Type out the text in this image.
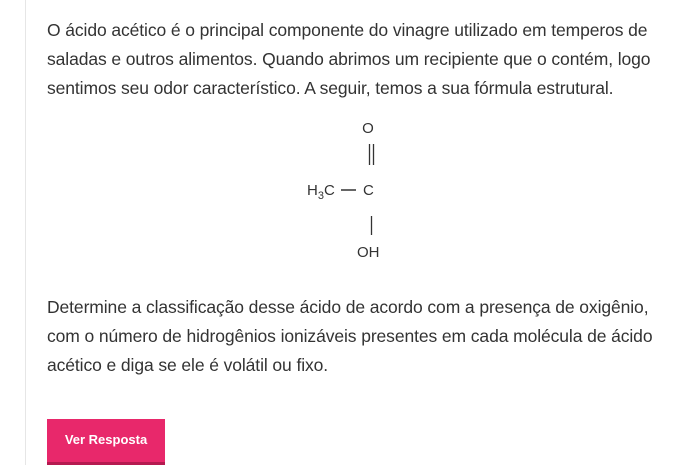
O ácido acético é o principal componente do vinagre utilizado em temperos de saladas e outros alimentos. Quando abrimos um recipiente que o contém, logo sentimos seu odor característico. A seguir, temos a sua fórmula estrutural.

O
$H_3C$ C
OH

Determine a classificação desse ácido de acordo com a presença de oxigênio, com o número de hidrogênios ionizáveis presentes em cada molécula de ácido acético e diga se ele é volátil ou fixo.

Ver Resposta
